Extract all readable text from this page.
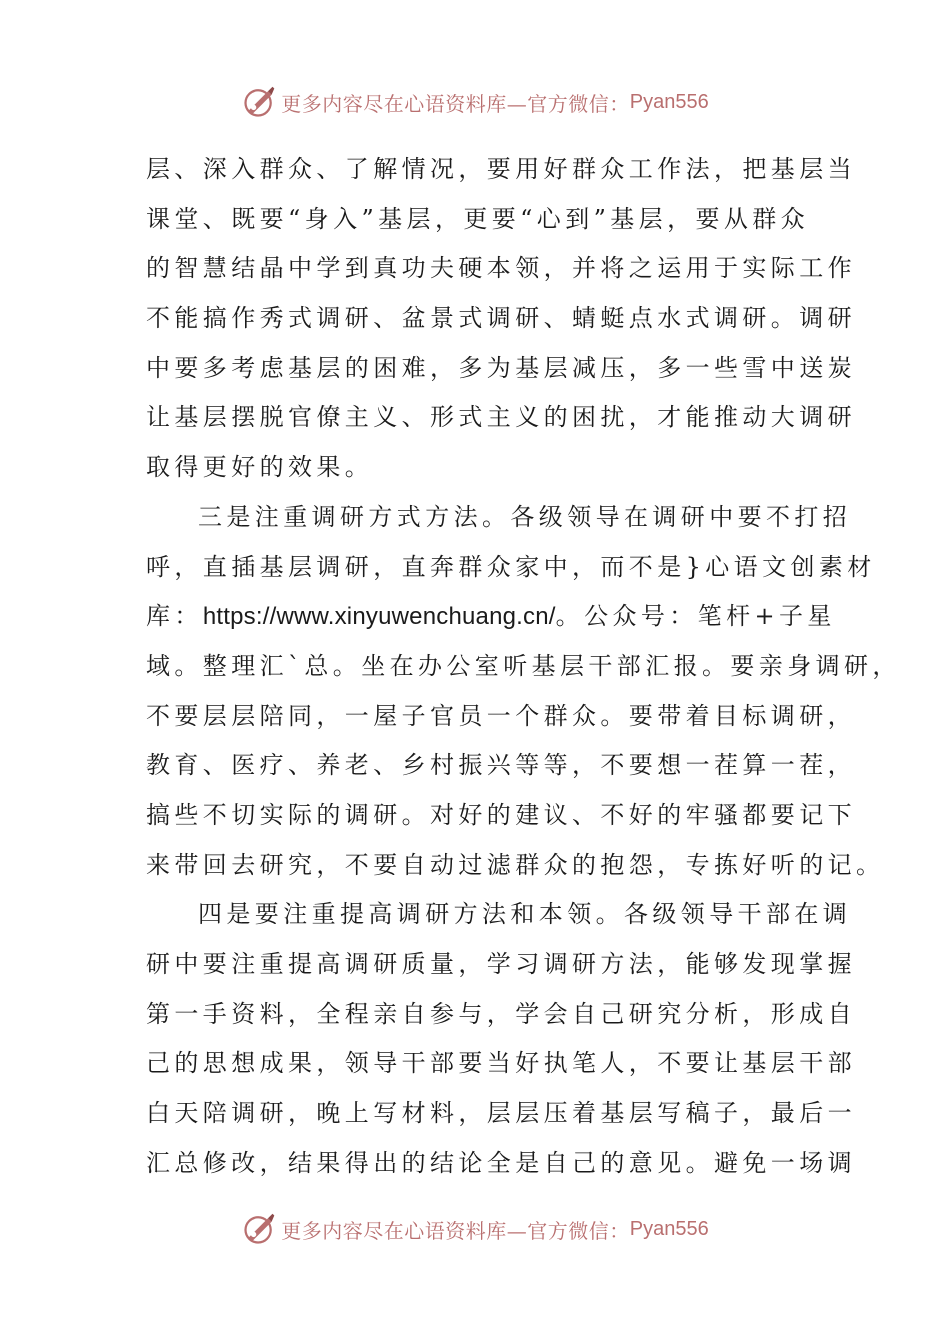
更多内容尽在心语资料库—官方微信： Pyan556
层、深入群众、了解情况，要用好群众工作法，把基层当
课堂、既要“身入”基层，更要“心到”基层，要从群众
的智慧结晶中学到真功夫硬本领，并将之运用于实际工作
不能搞作秀式调研、盆景式调研、蜻蜓点水式调研。调研
中要多考虑基层的困难，多为基层减压，多一些雪中送炭
让基层摆脱官僚主义、形式主义的困扰，才能推动大调研
取得更好的效果。
三是注重调研方式方法。各级领导在调研中要不打招
呼，直插基层调研，直奔群众家中，而不是}心语文创素材
库：https://www.xinyuwenchuang.cn/。公众号：笔杆+子星
域。整理汇`总。坐在办公室听基层干部汇报。要亲身调研，
不要层层陪同，一屋子官员一个群众。要带着目标调研，
教育、医疗、养老、乡村振兴等等，不要想一茬算一茬，
搞些不切实际的调研。对好的建议、不好的牢骚都要记下
来带回去研究，不要自动过滤群众的抱怨，专拣好听的记。
四是要注重提高调研方法和本领。各级领导干部在调
研中要注重提高调研质量，学习调研方法，能够发现掌握
第一手资料，全程亲自参与，学会自己研究分析，形成自
己的思想成果，领导干部要当好执笔人，不要让基层干部
白天陪调研，晚上写材料，层层压着基层写稿子，最后一
汇总修改，结果得出的结论全是自己的意见。避免一场调
更多内容尽在心语资料库—官方微信： Pyan556
